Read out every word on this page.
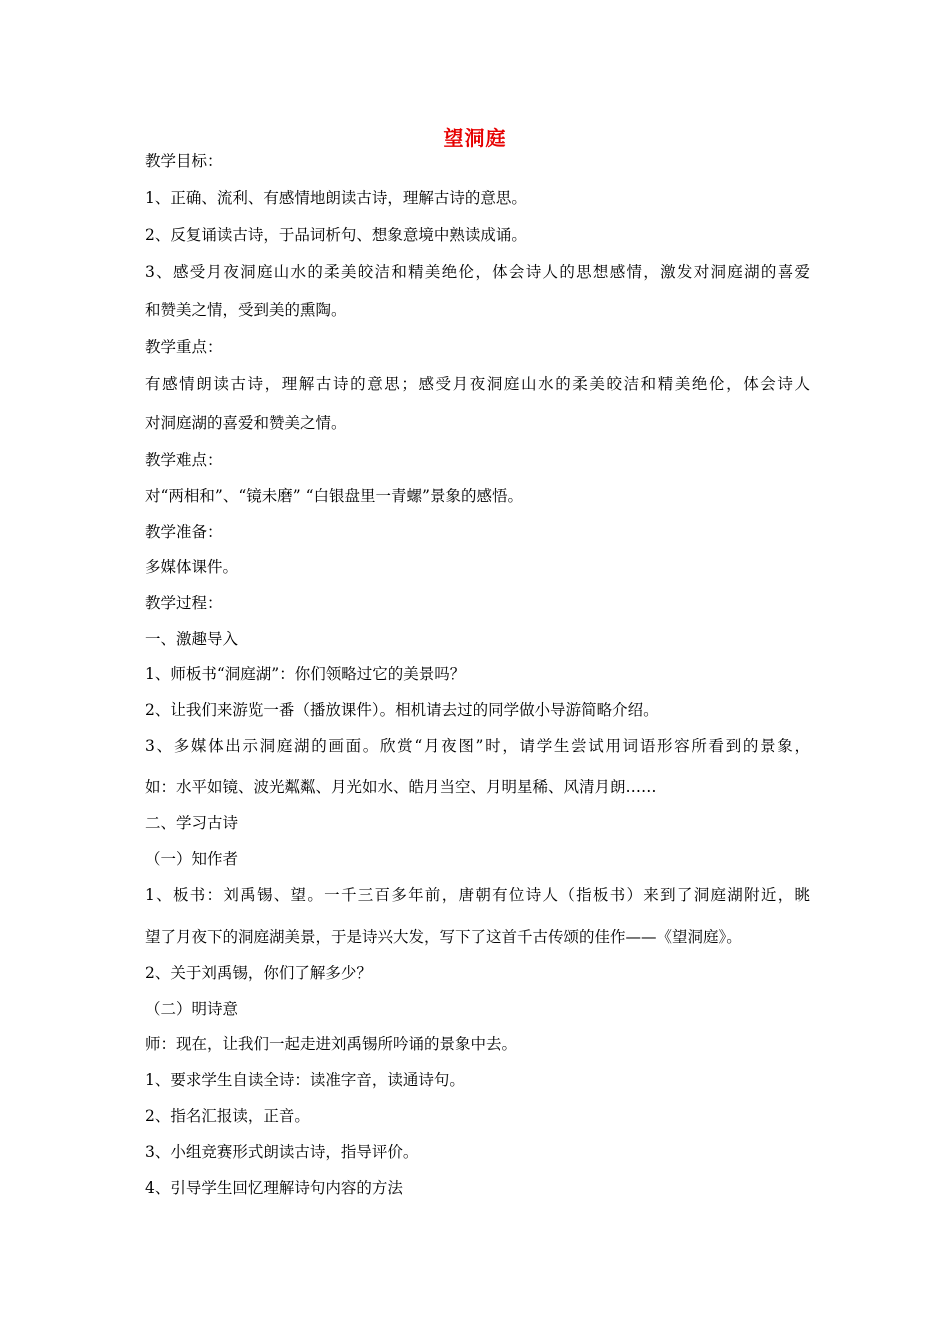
望洞庭
教学目标：
1、正确、流利、有感情地朗读古诗，理解古诗的意思。
2、反复诵读古诗，于品词析句、想象意境中熟读成诵。
3、感受月夜洞庭山水的柔美皎洁和精美绝伦，体会诗人的思想感情，激发对洞庭湖的喜爱
和赞美之情，受到美的熏陶。
教学重点：
有感情朗读古诗，理解古诗的意思；感受月夜洞庭山水的柔美皎洁和精美绝伦，体会诗人
对洞庭湖的喜爱和赞美之情。
教学难点：
对“两相和”、“镜未磨” “白银盘里一青螺”景象的感悟。
教学准备：
多媒体课件。
教学过程：
一、激趣导入
1、师板书“洞庭湖”：你们领略过它的美景吗？
2、让我们来游览一番（播放课件）。相机请去过的同学做小导游简略介绍。
3、多媒体出示洞庭湖的画面。欣赏“月夜图”时，请学生尝试用词语形容所看到的景象，
如：水平如镜、波光粼粼、月光如水、皓月当空、月明星稀、风清月朗……
二、学习古诗
（一）知作者
1、板书：刘禹锡、望。一千三百多年前，唐朝有位诗人（指板书）来到了洞庭湖附近，眺
望了月夜下的洞庭湖美景，于是诗兴大发，写下了这首千古传颂的佳作——《望洞庭》。
2、关于刘禹锡，你们了解多少？
（二）明诗意
师：现在，让我们一起走进刘禹锡所吟诵的景象中去。
1、要求学生自读全诗：读准字音，读通诗句。
2、指名汇报读，正音。
3、小组竞赛形式朗读古诗，指导评价。
4、引导学生回忆理解诗句内容的方法
